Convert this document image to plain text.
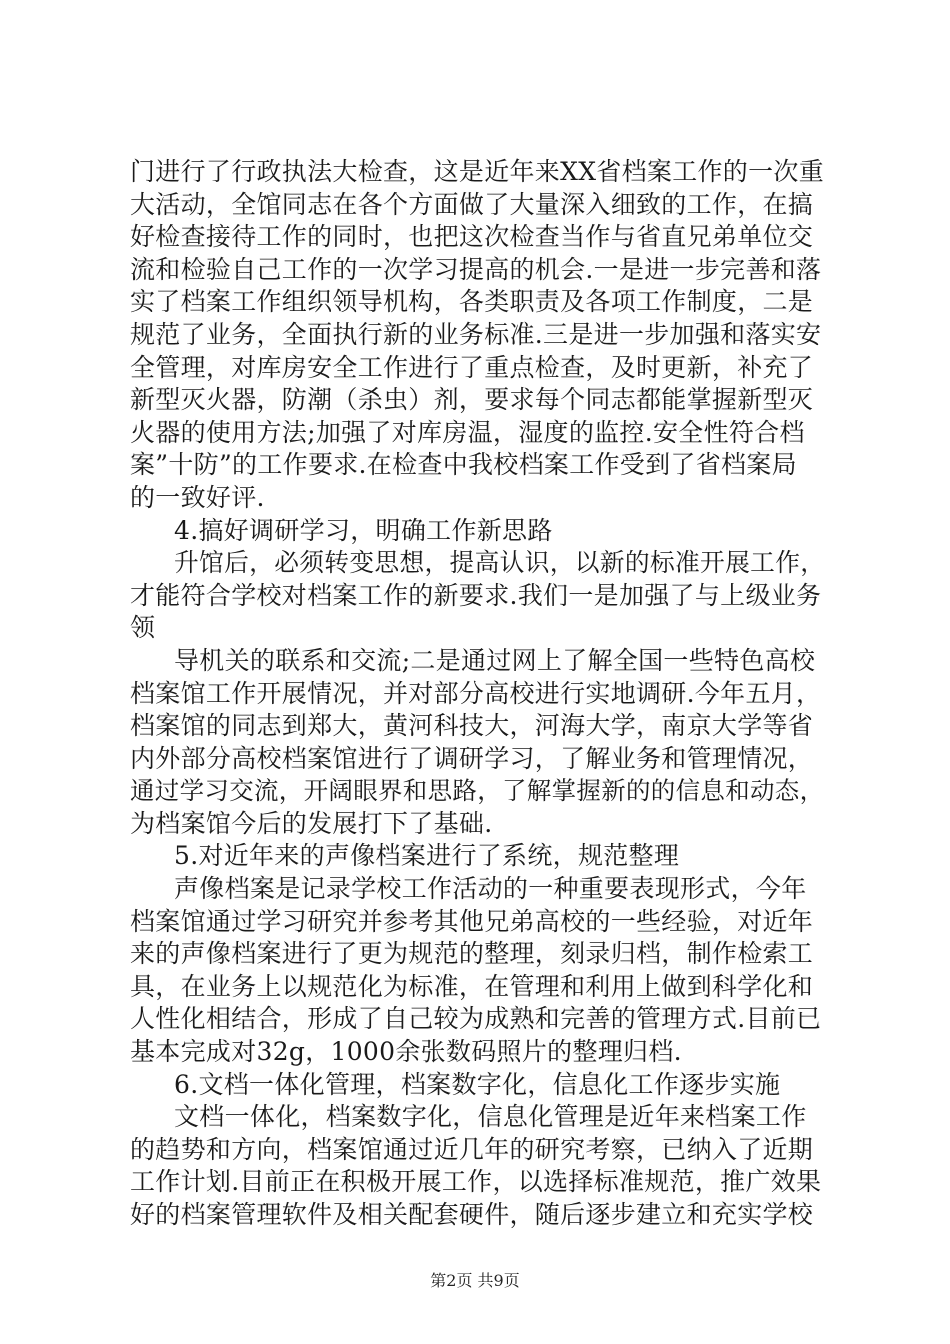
门进行了行政执法大检查，这是近年来XX省档案工作的一次重
大活动，全馆同志在各个方面做了大量深入细致的工作，在搞
好检查接待工作的同时，也把这次检查当作与省直兄弟单位交
流和检验自己工作的一次学习提高的机会.一是进一步完善和落
实了档案工作组织领导机构，各类职责及各项工作制度，二是
规范了业务，全面执行新的业务标准.三是进一步加强和落实安
全管理，对库房安全工作进行了重点检查，及时更新，补充了
新型灭火器，防潮（杀虫）剂，要求每个同志都能掌握新型灭
火器的使用方法;加强了对库房温，湿度的监控.安全性符合档
案”十防”的工作要求.在检查中我校档案工作受到了省档案局
的一致好评.
4.搞好调研学习，明确工作新思路
升馆后，必须转变思想，提高认识，以新的标准开展工作，
才能符合学校对档案工作的新要求.我们一是加强了与上级业务
领
导机关的联系和交流;二是通过网上了解全国一些特色高校
档案馆工作开展情况，并对部分高校进行实地调研.今年五月，
档案馆的同志到郑大，黄河科技大，河海大学，南京大学等省
内外部分高校档案馆进行了调研学习，了解业务和管理情况，
通过学习交流，开阔眼界和思路，了解掌握新的的信息和动态，
为档案馆今后的发展打下了基础.
5.对近年来的声像档案进行了系统，规范整理
声像档案是记录学校工作活动的一种重要表现形式，今年
档案馆通过学习研究并参考其他兄弟高校的一些经验，对近年
来的声像档案进行了更为规范的整理，刻录归档，制作检索工
具，在业务上以规范化为标准，在管理和利用上做到科学化和
人性化相结合，形成了自己较为成熟和完善的管理方式.目前已
基本完成对32g，1000余张数码照片的整理归档.
6.文档一体化管理，档案数字化，信息化工作逐步实施
文档一体化，档案数字化，信息化管理是近年来档案工作
的趋势和方向，档案馆通过近几年的研究考察，已纳入了近期
工作计划.目前正在积极开展工作，以选择标准规范，推广效果
好的档案管理软件及相关配套硬件，随后逐步建立和充实学校
第2页 共9页
